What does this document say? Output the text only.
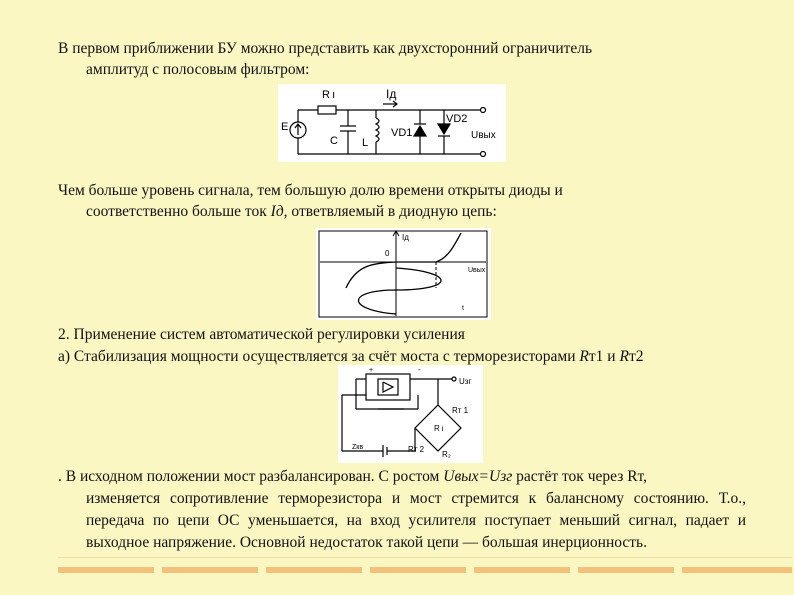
В первом приближении БУ можно представить как двухсторонний ограничитель
амплитуд с полосовым фильтром:
R ı	Iд
E
C L
VD1
VD2
Uвых
Чем больше уровень сигнала, тем большую долю времени открыты диоды и
соответственно больше ток Iд, ответвляемый в диодную цепь:
Iд
0
Uвых
t
2. Применение систем автоматической регулировки усиления
а) Стабилизация мощности осуществляется за счёт моста с терморезисторами Rт1 и Rт2
+	-
Uзг
Rт 1
R ı
Rт 2
R₂
Zкв
. В исходном положении мост разбалансирован. С ростом Uвых=Uзг растёт ток через Rт,
изменяется сопротивление терморезистора и мост стремится к балансному состоянию. Т.о., передача по цепи ОС уменьшается, на вход усилителя поступает меньший сигнал, падает и выходное напряжение. Основной недостаток такой цепи — большая инерционность.
